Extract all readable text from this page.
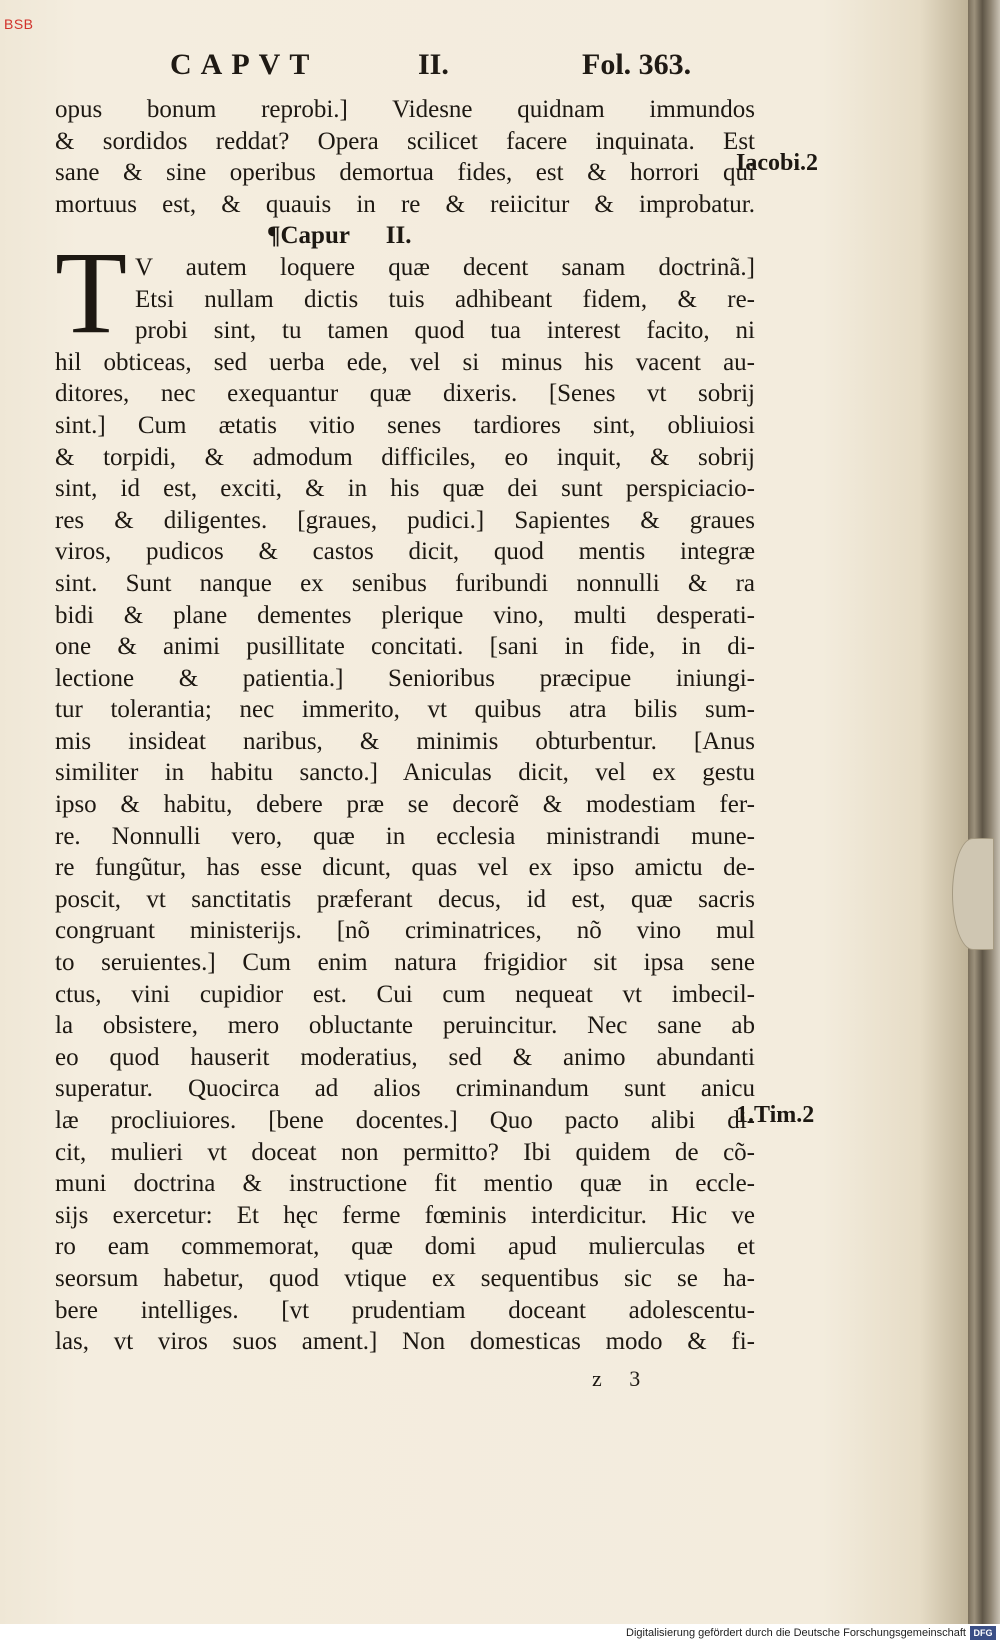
BSB
CAPVT	II.	Fol. 363.
T
opus bonum reprobi.] Videsne quidnam immundos
& sordidos reddat? Opera scilicet facere inquinata. Est
sane & sine operibus demortua fides, est & horrori qui
mortuus est, & quauis in re & reiicitur & improbatur.
¶Capur II.
V autem loquere quæ decent sanam doctrinã.]
Etsi nullam dictis tuis adhibeant fidem, & re-
probi sint, tu tamen quod tua interest facito, ni
hil obticeas, sed uerba ede, vel si minus his vacent au-
ditores, nec exequantur quæ dixeris. [Senes vt sobrij
sint.] Cum ætatis vitio senes tardiores sint, obliuiosi
& torpidi, & admodum difficiles, eo inquit, & sobrij
sint, id est, exciti, & in his quæ dei sunt perspiciacio-
res & diligentes. [graues, pudici.] Sapientes & graues
viros, pudicos & castos dicit, quod mentis integræ
sint. Sunt nanque ex senibus furibundi nonnulli & ra
bidi & plane dementes plerique vino, multi desperati-
one & animi pusillitate concitati. [sani in fide, in di-
lectione & patientia.] Senioribus præcipue iniungi-
tur tolerantia; nec immerito, vt quibus atra bilis sum-
mis insideat naribus, & minimis obturbentur. [Anus
similiter in habitu sancto.] Aniculas dicit, vel ex gestu
ipso & habitu, debere præ se decorẽ & modestiam fer-
re. Nonnulli vero, quæ in ecclesia ministrandi mune-
re fungũtur, has esse dicunt, quas vel ex ipso amictu de-
poscit, vt sanctitatis præferant decus, id est, quæ sacris
congruant ministerijs. [nõ criminatrices, nõ vino mul
to seruientes.] Cum enim natura frigidior sit ipsa sene
ctus, vini cupidior est. Cui cum nequeat vt imbecil-
la obsistere, mero obluctante peruincitur. Nec sane ab
eo quod hauserit moderatius, sed & animo abundanti
superatur. Quocirca ad alios criminandum sunt anicu
læ procliuiores. [bene docentes.] Quo pacto alibi di-
cit, mulieri vt doceat non permitto? Ibi quidem de cõ-
muni doctrina & instructione fit mentio quæ in eccle-
sijs exercetur: Et hęc ferme fœminis interdicitur. Hic ve
ro eam commemorat, quæ domi apud mulierculas et
seorsum habetur, quod vtique ex sequentibus sic se ha-
bere intelliges. [vt prudentiam doceant adolescentu-
las, vt viros suos ament.] Non domesticas modo & fi-
Iacobi.2
1.Tim.2
z 3
Digitalisierung gefördert durch die Deutsche Forschungsgemeinschaft DFG
